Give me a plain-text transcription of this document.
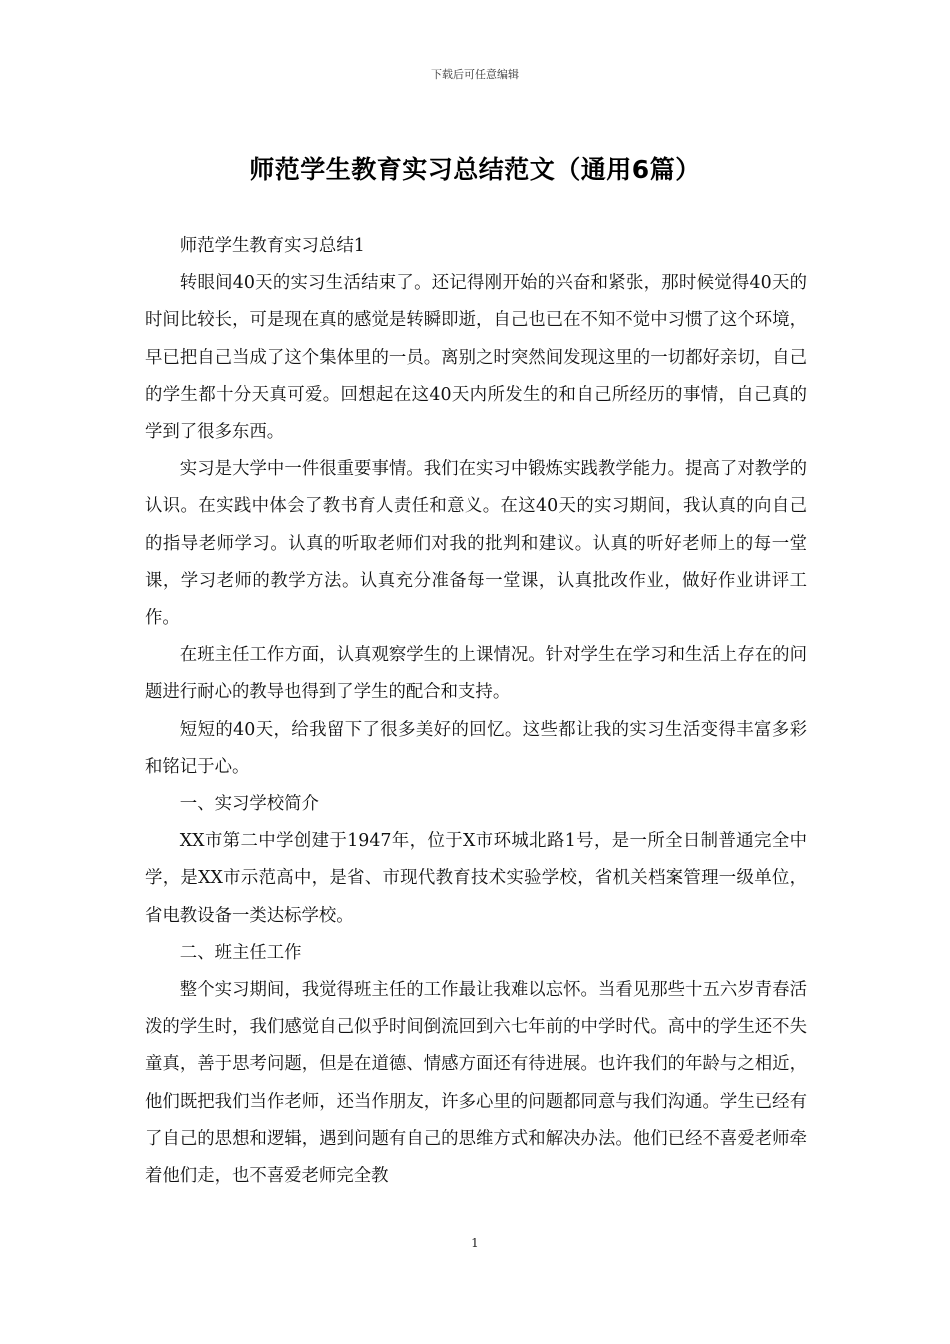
下载后可任意编辑
师范学生教育实习总结范文（通用6篇）

师范学生教育实习总结1

转眼间40天的实习生活结束了。还记得刚开始的兴奋和紧张，那时候觉得40天的时间比较长，可是现在真的感觉是转瞬即逝，自己也已在不知不觉中习惯了这个环境，早已把自己当成了这个集体里的一员。离别之时突然间发现这里的一切都好亲切，自己的学生都十分天真可爱。回想起在这40天内所发生的和自己所经历的事情，自己真的学到了很多东西。

实习是大学中一件很重要事情。我们在实习中锻炼实践教学能力。提高了对教学的认识。在实践中体会了教书育人责任和意义。在这40天的实习期间，我认真的向自己的指导老师学习。认真的听取老师们对我的批判和建议。认真的听好老师上的每一堂课，学习老师的教学方法。认真充分准备每一堂课，认真批改作业，做好作业讲评工作。

在班主任工作方面，认真观察学生的上课情况。针对学生在学习和生活上存在的问题进行耐心的教导也得到了学生的配合和支持。

短短的40天，给我留下了很多美好的回忆。这些都让我的实习生活变得丰富多彩和铭记于心。

一、实习学校简介

XX市第二中学创建于1947年，位于X市环城北路1号，是一所全日制普通完全中学，是XX市示范高中，是省、市现代教育技术实验学校，省机关档案管理一级单位，省电教设备一类达标学校。

二、班主任工作

整个实习期间，我觉得班主任的工作最让我难以忘怀。当看见那些十五六岁青春活泼的学生时，我们感觉自己似乎时间倒流回到六七年前的中学时代。高中的学生还不失童真，善于思考问题，但是在道德、情感方面还有待进展。也许我们的年龄与之相近，他们既把我们当作老师，还当作朋友，许多心里的问题都同意与我们沟通。学生已经有了自己的思想和逻辑，遇到问题有自己的思维方式和解决办法。他们已经不喜爱老师牵着他们走，也不喜爱老师完全教

1
